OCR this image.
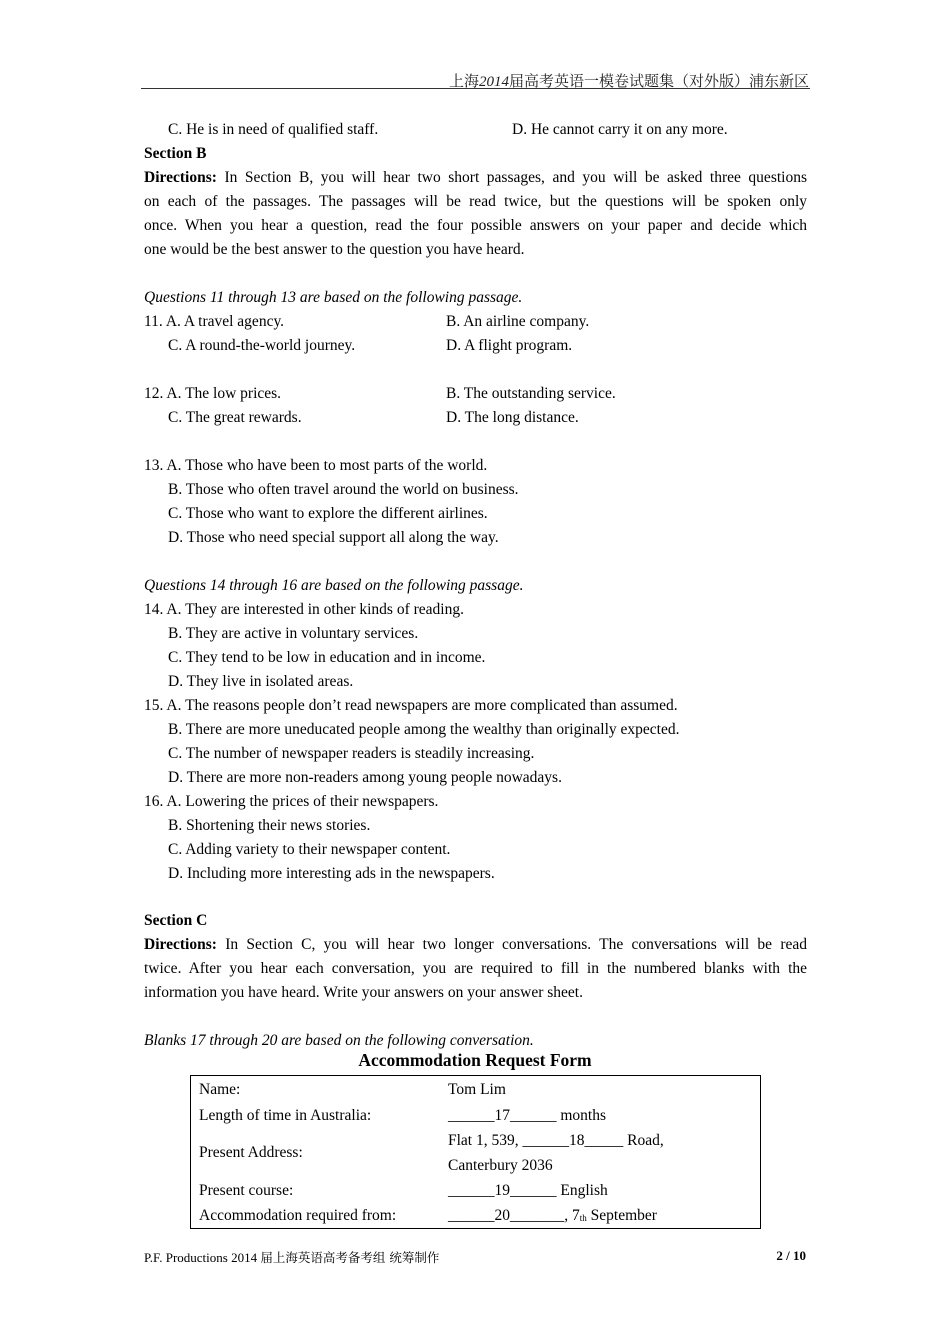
上海2014届高考英语一模卷试题集（对外版）浦东新区
C. He is in need of qualified staff.	D. He cannot carry it on any more.
Section B
Directions: In Section B, you will hear two short passages, and you will be asked three questions
on each of the passages. The passages will be read twice, but the questions will be spoken only
once. When you hear a question, read the four possible answers on your paper and decide which
one would be the best answer to the question you have heard.
Questions 11 through 13 are based on the following passage.
11. A. A travel agency.	B. An airline company.
C. A round-the-world journey.	D. A flight program.
12. A. The low prices.	B. The outstanding service.
C. The great rewards.	D. The long distance.
13. A. Those who have been to most parts of the world.
B. Those who often travel around the world on business.
C. Those who want to explore the different airlines.
D. Those who need special support all along the way.
Questions 14 through 16 are based on the following passage.
14. A. They are interested in other kinds of reading.
B. They are active in voluntary services.
C. They tend to be low in education and in income.
D. They live in isolated areas.
15. A. The reasons people don’t read newspapers are more complicated than assumed.
B. There are more uneducated people among the wealthy than originally expected.
C. The number of newspaper readers is steadily increasing.
D. There are more non-readers among young people nowadays.
16. A. Lowering the prices of their newspapers.
B. Shortening their news stories.
C. Adding variety to their newspaper content.
D. Including more interesting ads in the newspapers.
Section C
Directions: In Section C, you will hear two longer conversations. The conversations will be read
twice. After you hear each conversation, you are required to fill in the numbered blanks with the
information you have heard. Write your answers on your answer sheet.
Blanks 17 through 20 are based on the following conversation.
Accommodation Request Form
Name:	Tom Lim
Length of time in Australia:	______17______ months
Present Address:
Flat 1, 539, ______18_____ Road,
Canterbury 2036
Present course:	______19______ English
Accommodation required from:	______20_______, 7th September
P.F. Productions 2014 届上海英语高考备考组 统筹制作	2 / 10
